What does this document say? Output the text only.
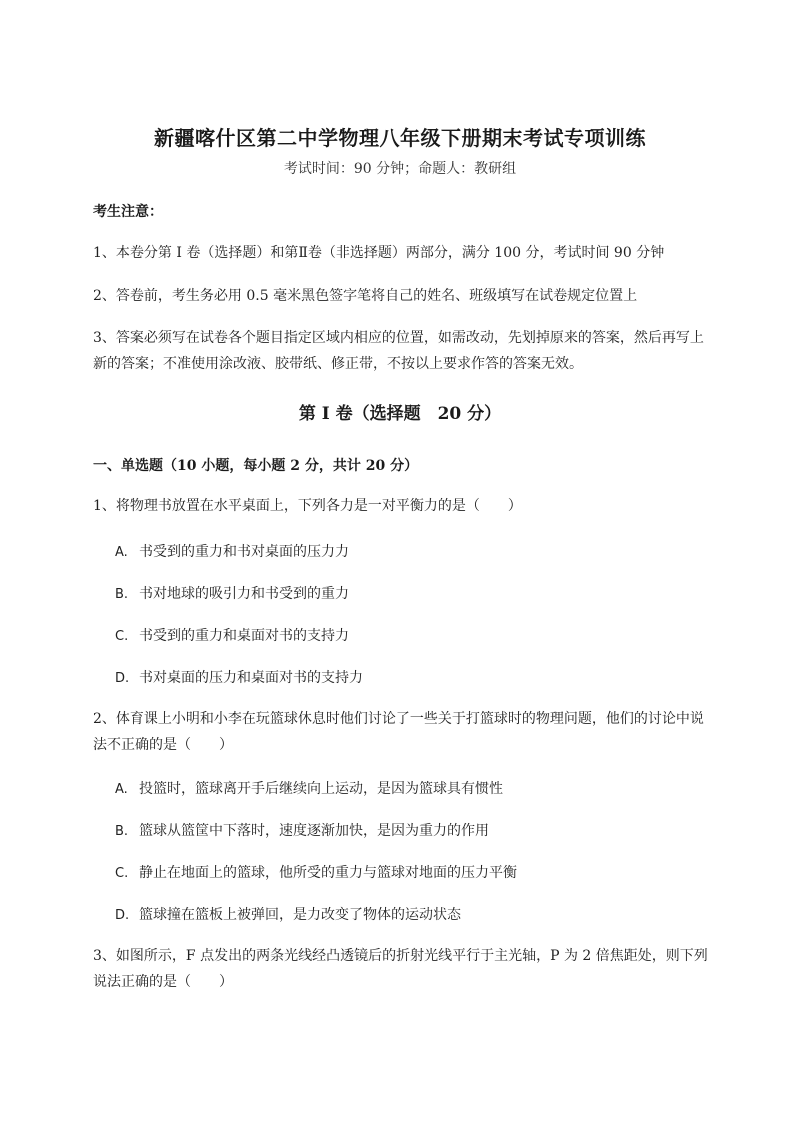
新疆喀什区第二中学物理八年级下册期末考试专项训练
考试时间：90 分钟；命题人：教研组
考生注意：
1、本卷分第 I 卷（选择题）和第Ⅱ卷（非选择题）两部分，满分 100 分，考试时间 90 分钟
2、答卷前，考生务必用 0.5 毫米黑色签字笔将自己的姓名、班级填写在试卷规定位置上
3、答案必须写在试卷各个题目指定区域内相应的位置，如需改动，先划掉原来的答案，然后再写上新的答案；不准使用涂改液、胶带纸、修正带，不按以上要求作答的答案无效。
第 I 卷（选择题　20 分）
一、单选题（10 小题，每小题 2 分，共计 20 分）
1、将物理书放置在水平桌面上，下列各力是一对平衡力的是（　　）
A. 书受到的重力和书对桌面的压力力
B. 书对地球的吸引力和书受到的重力
C. 书受到的重力和桌面对书的支持力
D. 书对桌面的压力和桌面对书的支持力
2、体育课上小明和小李在玩篮球休息时他们讨论了一些关于打篮球时的物理问题，他们的讨论中说法不正确的是（　　）
A. 投篮时，篮球离开手后继续向上运动，是因为篮球具有惯性
B. 篮球从篮筐中下落时，速度逐渐加快，是因为重力的作用
C. 静止在地面上的篮球，他所受的重力与篮球对地面的压力平衡
D. 篮球撞在篮板上被弹回，是力改变了物体的运动状态
3、如图所示，F 点发出的两条光线经凸透镜后的折射光线平行于主光轴，P 为 2 倍焦距处，则下列说法正确的是（　　）
